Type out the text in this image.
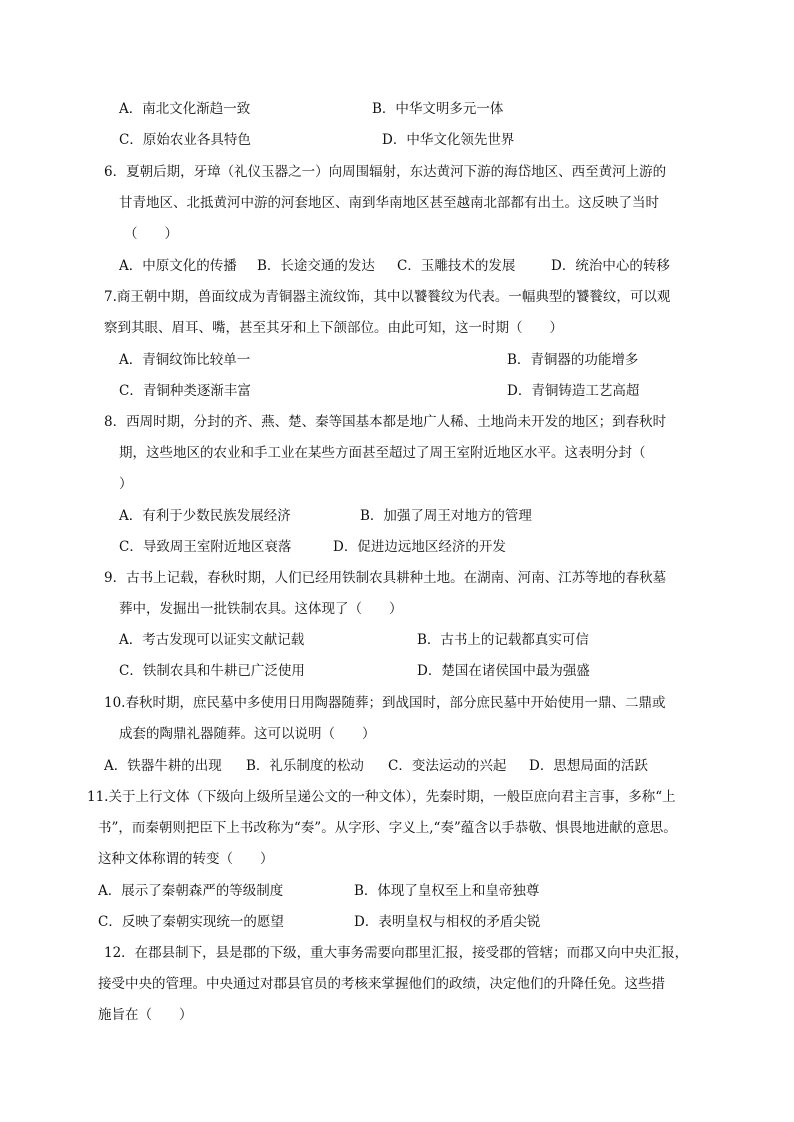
A．南北文化渐趋一致	B．中华文明多元一体
C．原始农业各具特色	D．中华文化领先世界
6．夏朝后期，牙璋（礼仪玉器之一）向周围辐射，东达黄河下游的海岱地区、西至黄河上游的
甘青地区、北抵黄河中游的河套地区、南到华南地区甚至越南北部都有出土。这反映了当时
（　　）
A．中原文化的传播 B．长途交通的发达 C．玉雕技术的发展	D．统治中心的转移
7.商王朝中期，兽面纹成为青铜器主流纹饰，其中以饕餮纹为代表。一幅典型的饕餮纹，可以观
察到其眼、眉耳、嘴，甚至其牙和上下颌部位。由此可知，这一时期（　　）
A．青铜纹饰比较单一	B．青铜器的功能增多
C．青铜种类逐渐丰富	D．青铜铸造工艺高超
8．西周时期，分封的齐、燕、楚、秦等国基本都是地广人稀、土地尚未开发的地区；到春秋时
期，这些地区的农业和手工业在某些方面甚至超过了周王室附近地区水平。这表明分封（
）
A．有利于少数民族发展经济	B．加强了周王对地方的管理
C．导致周王室附近地区衰落	D．促进边远地区经济的开发
9．古书上记载，春秋时期，人们已经用铁制农具耕种土地。在湖南、河南、江苏等地的春秋墓
葬中，发掘出一批铁制农具。这体现了（　　）
A．考古发现可以证实文献记载	B．古书上的记载都真实可信
C．铁制农具和牛耕已广泛使用	D．楚国在诸侯国中最为强盛
10.春秋时期，庶民墓中多使用日用陶器随葬；到战国时，部分庶民墓中开始使用一鼎、二鼎或
成套的陶鼎礼器随葬。这可以说明（　　）
A．铁器牛耕的出现 B．礼乐制度的松动 C．变法运动的兴起 D．思想局面的活跃
11.关于上行文体（下级向上级所呈递公文的一种文体），先秦时期，一般臣庶向君主言事，多称“上
书”，而秦朝则把臣下上书改称为“奏”。从字形、字义上,“奏”蕴含以手恭敬、惧畏地进献的意思。
这种文体称谓的转变（　　）
A．展示了秦朝森严的等级制度	B．体现了皇权至上和皇帝独尊
C．反映了秦朝实现统一的愿望	D．表明皇权与相权的矛盾尖锐
12．在郡县制下，县是郡的下级，重大事务需要向郡里汇报，接受郡的管辖；而郡又向中央汇报，
接受中央的管理。中央通过对郡县官员的考核来掌握他们的政绩，决定他们的升降任免。这些措
施旨在（　　）
